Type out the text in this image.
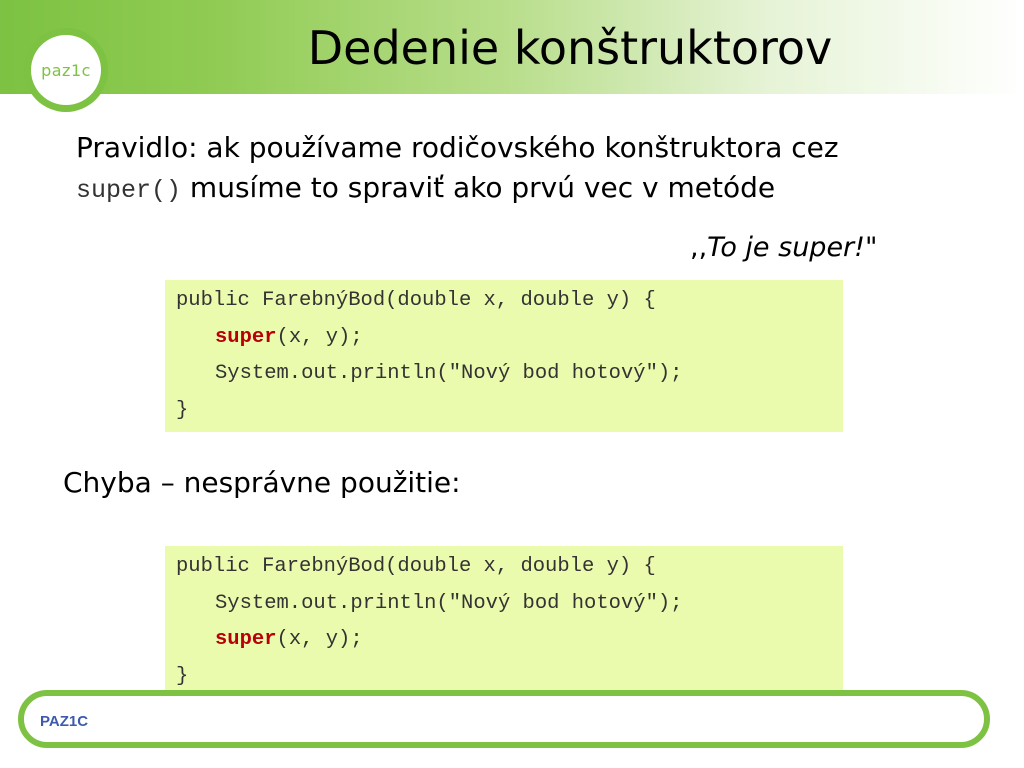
paz1c	Dedenie konštruktorov
Pravidlo: ak používame rodičovského konštruktora cez
super() musíme to spraviť ako prvú vec v metóde
,,To je super!"
public FarebnýBod(double x, double y) {
super(x, y);
System.out.println("Nový bod hotový");
}
Chyba – nesprávne použitie:
public FarebnýBod(double x, double y) {
System.out.println("Nový bod hotový");
super(x, y);
}
PAZ1C
